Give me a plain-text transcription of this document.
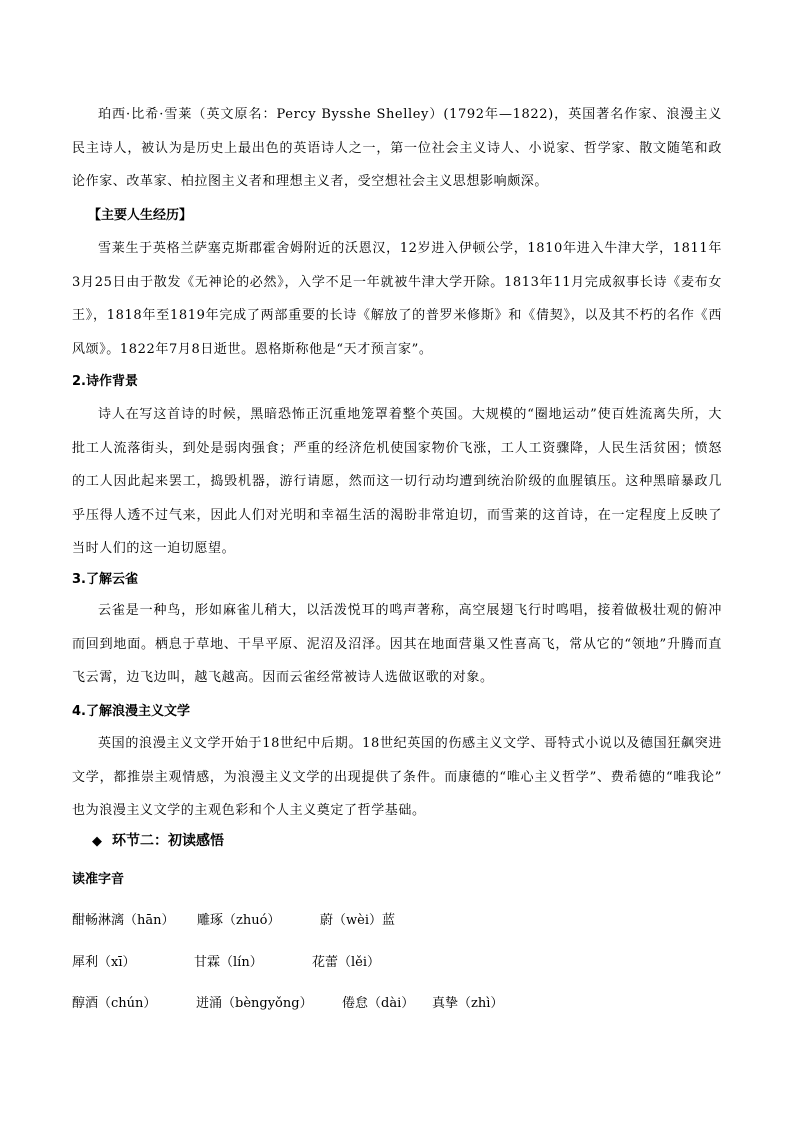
珀西·比希·雪莱（英文原名：Percy Bysshe Shelley）(1792年—1822)，英国著名作家、浪漫主义民主诗人，被认为是历史上最出色的英语诗人之一，第一位社会主义诗人、小说家、哲学家、散文随笔和政论作家、改革家、柏拉图主义者和理想主义者，受空想社会主义思想影响颇深。

【主要人生经历】

雪莱生于英格兰萨塞克斯郡霍舍姆附近的沃恩汉，12岁进入伊顿公学，1810年进入牛津大学，1811年3月25日由于散发《无神论的必然》，入学不足一年就被牛津大学开除。1813年11月完成叙事长诗《麦布女王》，1818年至1819年完成了两部重要的长诗《解放了的普罗米修斯》和《倩契》，以及其不朽的名作《西风颂》。1822年7月8日逝世。恩格斯称他是“天才预言家”。

2.诗作背景

诗人在写这首诗的时候，黑暗恐怖正沉重地笼罩着整个英国。大规模的“圈地运动”使百姓流离失所，大批工人流落街头，到处是弱肉强食；严重的经济危机使国家物价飞涨，工人工资骤降，人民生活贫困；愤怒的工人因此起来罢工，捣毁机器，游行请愿，然而这一切行动均遭到统治阶级的血腥镇压。这种黑暗暴政几乎压得人透不过气来，因此人们对光明和幸福生活的渴盼非常迫切，而雪莱的这首诗，在一定程度上反映了当时人们的这一迫切愿望。

3.了解云雀

云雀是一种鸟，形如麻雀儿稍大，以活泼悦耳的鸣声著称，高空展翅飞行时鸣唱，接着做极壮观的俯冲而回到地面。栖息于草地、干旱平原、泥沼及沼泽。因其在地面营巢又性喜高飞，常从它的“领地”升腾而直飞云霄，边飞边叫，越飞越高。因而云雀经常被诗人选做讴歌的对象。

4.了解浪漫主义文学

英国的浪漫主义文学开始于18世纪中后期。18世纪英国的伤感主义文学、哥特式小说以及德国狂飙突进文学，都推崇主观情感，为浪漫主义文学的出现提供了条件。而康德的“唯心主义哲学”、费希德的“唯我论” 也为浪漫主义文学的主观色彩和个人主义奠定了哲学基础。

◆ 环节二：初读感悟

读准字音

酣畅淋漓（hān） 雕琢（zhuó）	蔚（wèi）蓝
犀利（xī）	甘霖（lín）	花蕾（lěi）
醇酒（chún）	迸涌（bèngyǒng） 倦怠（dài） 真挚（zhì）
